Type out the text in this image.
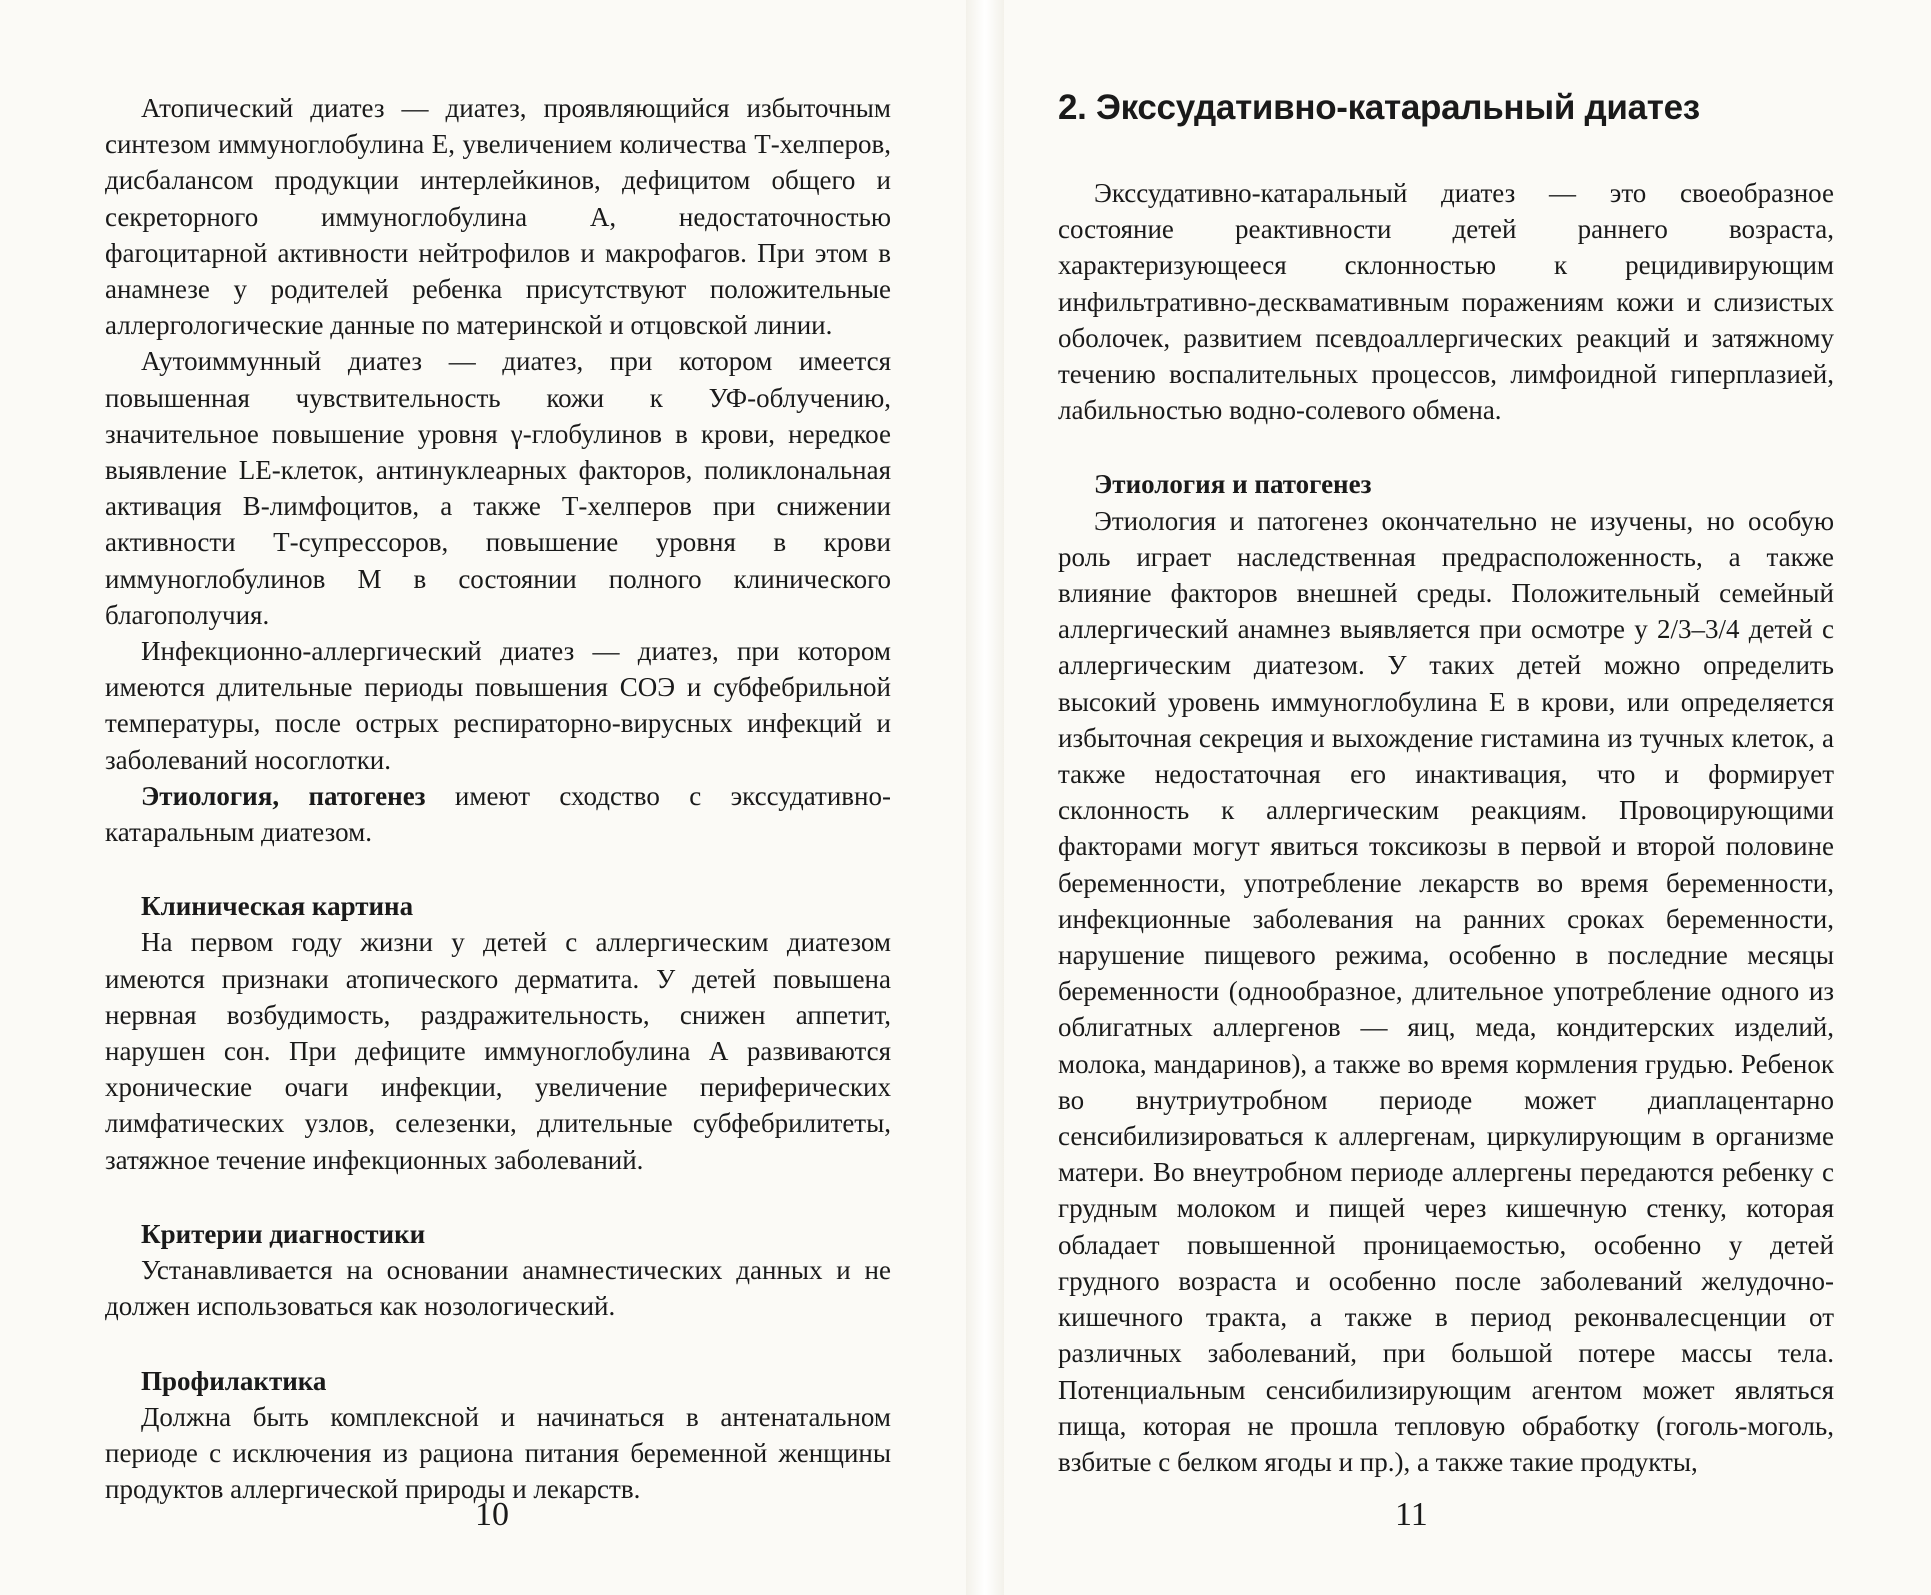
Атопический диатез — диатез, проявляющийся избыточным синтезом иммуноглобулина Е, увеличением количества Т-хелперов, дисбалансом продукции интерлейкинов, дефицитом общего и секреторного иммуноглобулина А, недостаточностью фагоцитарной активности нейтрофилов и макрофагов. При этом в анамнезе у родителей ребенка присутствуют положительные аллергологические данные по материнской и отцовской линии.

Аутоиммунный диатез — диатез, при котором имеется повышенная чувствительность кожи к УФ-облучению, значительное повышение уровня γ-глобулинов в крови, нередкое выявление LE-клеток, антинуклеарных факторов, поликлональная активация В-лимфоцитов, а также Т-хелперов при снижении активности Т-супрессоров, повышение уровня в крови иммуноглобулинов М в состоянии полного клинического благополучия.

Инфекционно-аллергический диатез — диатез, при котором имеются длительные периоды повышения СОЭ и субфебрильной температуры, после острых респираторно-вирусных инфекций и заболеваний носоглотки.

Этиология, патогенез имеют сходство с экссудативно-катаральным диатезом.

Клиническая картина

На первом году жизни у детей с аллергическим диатезом имеются признаки атопического дерматита. У детей повышена нервная возбудимость, раздражительность, снижен аппетит, нарушен сон. При дефиците иммуноглобулина А развиваются хронические очаги инфекции, увеличение периферических лимфатических узлов, селезенки, длительные субфебрилитеты, затяжное течение инфекционных заболеваний.

Критерии диагностики

Устанавливается на основании анамнестических данных и не должен использоваться как нозологический.

Профилактика

Должна быть комплексной и начинаться в антенатальном периоде с исключения из рациона питания беременной женщины продуктов аллергической природы и лекарств.

10
2. Экссудативно-катаральный диатез

Экссудативно-катаральный диатез — это своеобразное состояние реактивности детей раннего возраста, характеризующееся склонностью к рецидивирующим инфильтративно-десквамативным поражениям кожи и слизистых оболочек, развитием псевдоаллергических реакций и затяжному течению воспалительных процессов, лимфоидной гиперплазией, лабильностью водно-солевого обмена.

Этиология и патогенез

Этиология и патогенез окончательно не изучены, но особую роль играет наследственная предрасположенность, а также влияние факторов внешней среды. Положительный семейный аллергический анамнез выявляется при осмотре у 2/3–3/4 детей с аллергическим диатезом. У таких детей можно определить высокий уровень иммуноглобулина Е в крови, или определяется избыточная секреция и выхождение гистамина из тучных клеток, а также недостаточная его инактивация, что и формирует склонность к аллергическим реакциям. Провоцирующими факторами могут явиться токсикозы в первой и второй половине беременности, употребление лекарств во время беременности, инфекционные заболевания на ранних сроках беременности, нарушение пищевого режима, особенно в последние месяцы беременности (однообразное, длительное употребление одного из облигатных аллергенов — яиц, меда, кондитерских изделий, молока, мандаринов), а также во время кормления грудью. Ребенок во внутриутробном периоде может диаплацентарно сенсибилизироваться к аллергенам, циркулирующим в организме матери. Во внеутробном периоде аллергены передаются ребенку с грудным молоком и пищей через кишечную стенку, которая обладает повышенной проницаемостью, особенно у детей грудного возраста и особенно после заболеваний желудочно-кишечного тракта, а также в период реконвалесценции от различных заболеваний, при большой потере массы тела. Потенциальным сенсибилизирующим агентом может являться пища, которая не прошла тепловую обработку (гоголь-моголь, взбитые с белком ягоды и пр.), а также такие продукты,

11
